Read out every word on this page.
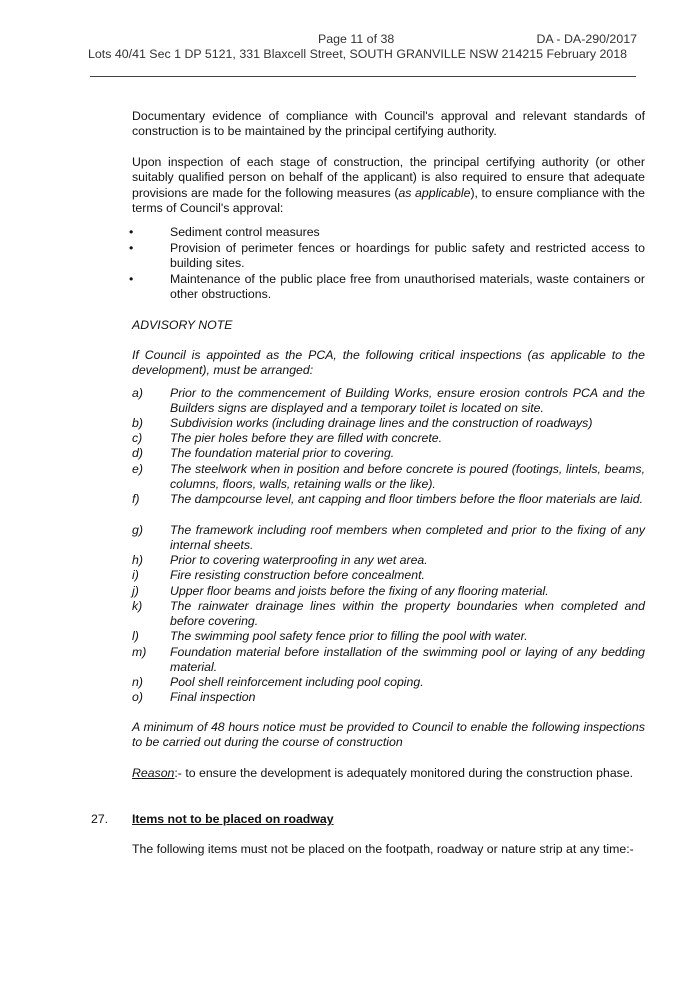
Page 11 of 38	DA - DA-290/2017
Lots 40/41 Sec 1 DP 5121, 331 Blaxcell Street, SOUTH GRANVILLE NSW 214215 February 2018

Documentary evidence of compliance with Council's approval and relevant standards of construction is to be maintained by the principal certifying authority.

Upon inspection of each stage of construction, the principal certifying authority (or other suitably qualified person on behalf of the applicant) is also required to ensure that adequate provisions are made for the following measures (as applicable), to ensure compliance with the terms of Council's approval:

•	Sediment control measures
•	Provision of perimeter fences or hoardings for public safety and restricted access to building sites.
•	Maintenance of the public place free from unauthorised materials, waste containers or other obstructions.

ADVISORY NOTE

If Council is appointed as the PCA, the following critical inspections (as applicable to the development), must be arranged:

a) Prior to the commencement of Building Works, ensure erosion controls PCA and the Builders signs are displayed and a temporary toilet is located on site.
b) Subdivision works (including drainage lines and the construction of roadways)
c) The pier holes before they are filled with concrete.
d) The foundation material prior to covering.
e) The steelwork when in position and before concrete is poured (footings, lintels, beams, columns, floors, walls, retaining walls or the like).
f) The dampcourse level, ant capping and floor timbers before the floor materials are laid.
g) The framework including roof members when completed and prior to the fixing of any internal sheets.
h) Prior to covering waterproofing in any wet area.
i)	Fire resisting construction before concealment.
j)	Upper floor beams and joists before the fixing of any flooring material.
k) The rainwater drainage lines within the property boundaries when completed and before covering.
l)	The swimming pool safety fence prior to filling the pool with water.
m) Foundation material before installation of the swimming pool or laying of any bedding material.
n) Pool shell reinforcement including pool coping.
o) Final inspection

A minimum of 48 hours notice must be provided to Council to enable the following inspections to be carried out during the course of construction

Reason:- to ensure the development is adequately monitored during the construction phase.

27. Items not to be placed on roadway

The following items must not be placed on the footpath, roadway or nature strip at any time:-
